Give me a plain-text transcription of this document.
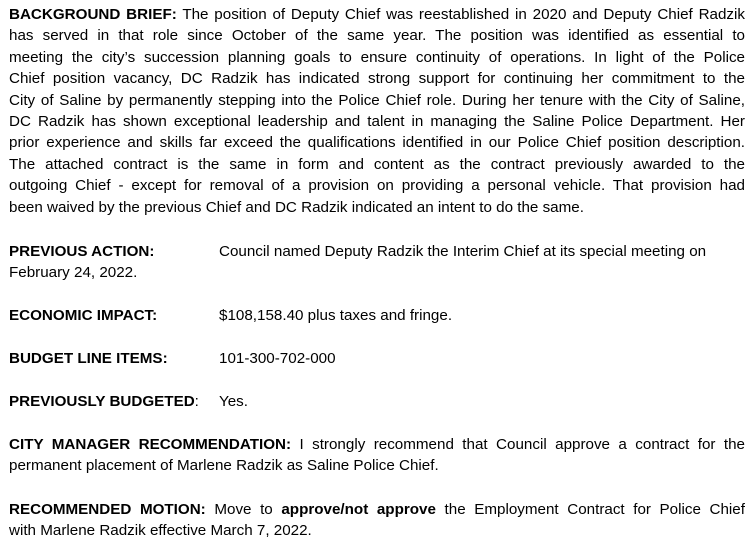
BACKGROUND BRIEF: The position of Deputy Chief was reestablished in 2020 and Deputy Chief Radzik
has served in that role since October of the same year. The position was identified as essential to
meeting the city’s succession planning goals to ensure continuity of operations. In light of the Police
Chief position vacancy, DC Radzik has indicated strong support for continuing her commitment to the
City of Saline by permanently stepping into the Police Chief role. During her tenure with the City of Saline,
DC Radzik has shown exceptional leadership and talent in managing the Saline Police Department. Her
prior experience and skills far exceed the qualifications identified in our Police Chief position description.
The attached contract is the same in form and content as the contract previously awarded to the
outgoing Chief - except for removal of a provision on providing a personal vehicle. That provision had
been waived by the previous Chief and DC Radzik indicated an intent to do the same.
PREVIOUS ACTION:	Council named Deputy Radzik the Interim Chief at its special meeting on
February 24, 2022.
ECONOMIC IMPACT:	$108,158.40 plus taxes and fringe.
BUDGET LINE ITEMS:	101-300-702-000
PREVIOUSLY BUDGETED: Yes.
CITY MANAGER RECOMMENDATION: I strongly recommend that Council approve a contract for the
permanent placement of Marlene Radzik as Saline Police Chief.
RECOMMENDED MOTION: Move to approve/not approve the Employment Contract for Police Chief
with Marlene Radzik effective March 7, 2022.
